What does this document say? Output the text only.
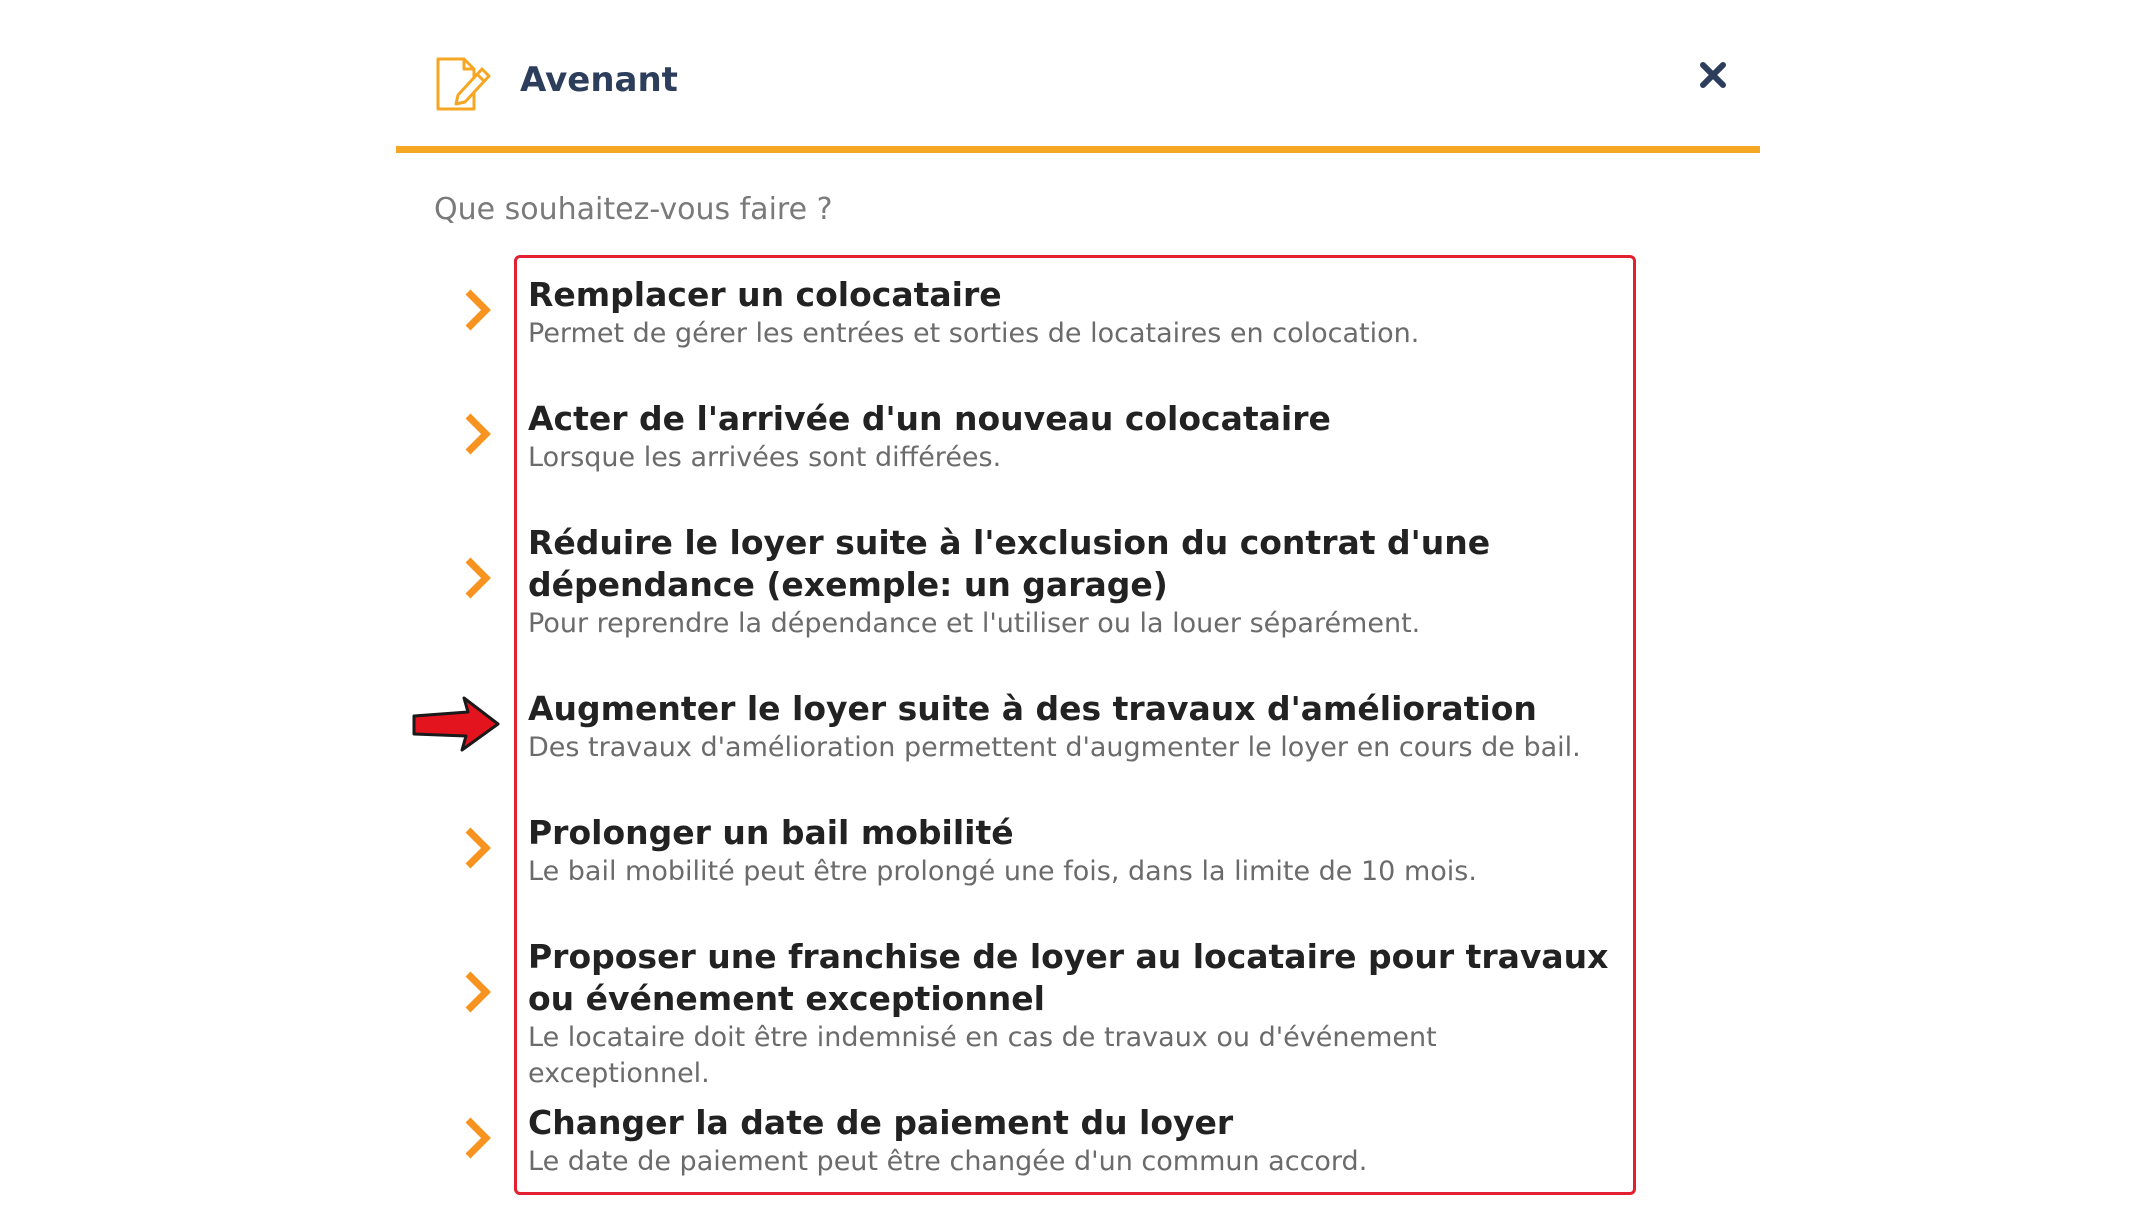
Avenant
Que souhaitez-vous faire ?
Remplacer un colocataire
Permet de gérer les entrées et sorties de locataires en colocation.
Acter de l'arrivée d'un nouveau colocataire
Lorsque les arrivées sont différées.
Réduire le loyer suite à l'exclusion du contrat d'une dépendance (exemple: un garage)
Pour reprendre la dépendance et l'utiliser ou la louer séparément.
Augmenter le loyer suite à des travaux d'amélioration
Des travaux d'amélioration permettent d'augmenter le loyer en cours de bail.
Prolonger un bail mobilité
Le bail mobilité peut être prolongé une fois, dans la limite de 10 mois.
Proposer une franchise de loyer au locataire pour travaux ou événement exceptionnel
Le locataire doit être indemnisé en cas de travaux ou d'événement exceptionnel.
Changer la date de paiement du loyer
Le date de paiement peut être changée d'un commun accord.
